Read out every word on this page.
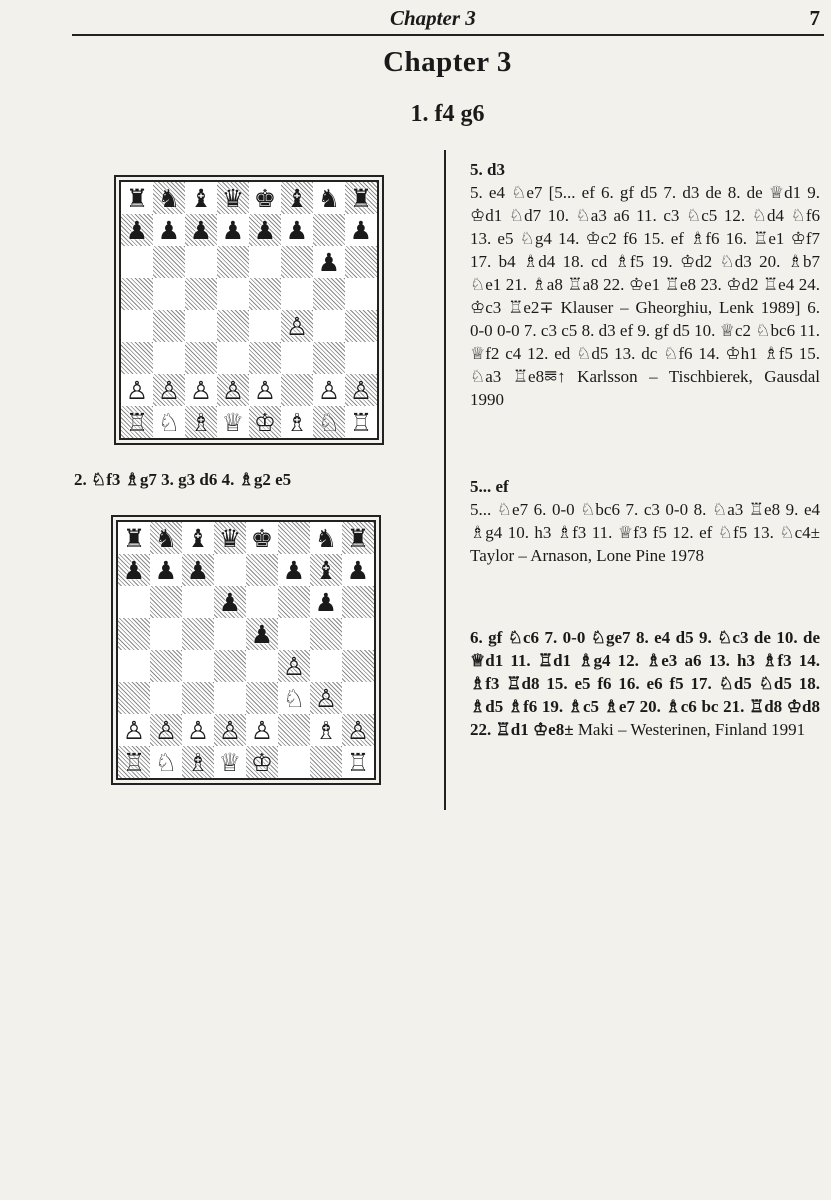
Chapter 3	7
Chapter 3
1. f4 g6
♜ ♞ ♝ ♛ ♚ ♝ ♞ ♜
♟ ♟ ♟ ♟ ♟ ♟ ♟
♟
♙
♙ ♙ ♙ ♙ ♙ ♙ ♙
♖ ♘ ♗ ♕ ♔ ♗ ♘ ♖
2. ♘f3 ♗g7 3. g3 d6 4. ♗g2 e5
♜ ♞ ♝ ♛ ♚ ♞ ♜
♟ ♟ ♟	♟ ♝ ♟
♟	♟
♟
♙
♘ ♙
♙ ♙ ♙ ♙ ♙ ♗ ♙
♖ ♘ ♗ ♕ ♔	♖

5. d3

5. e4 ♘e7 [5... ef 6. gf d5 7. d3 de 8. de ♕d1 9. ♔d1 ♘d7 10. ♘a3 a6 11. c3 ♘c5 12. ♘d4 ♘f6 13. e5 ♘g4 14. ♔c2 f6 15. ef ♗f6 16. ♖e1 ♔f7 17. b4 ♗d4 18. cd ♗f5 19. ♔d2 ♘d3 20. ♗b7 ♘e1 21. ♗a8 ♖a8 22. ♔e1 ♖e8 23. ♔d2 ♖e4 24. ♔c3 ♖e2∓ Klauser – Gheorghiu, Lenk 1989] 6. 0-0 0-0 7. c3 c5 8. d3 ef 9. gf d5 10. ♕c2 ♘bc6 11. ♕f2 c4 12. ed ♘d5 13. dc ♘f6 14. ♔h1 ♗f5 15. ♘a3 ♖e8⯹↑ Karlsson – Tischbierek, Gausdal 1990

5... ef

5... ♘e7 6. 0-0 ♘bc6 7. c3 0-0 8. ♘a3 ♖e8 9. e4 ♗g4 10. h3 ♗f3 11. ♕f3 f5 12. ef ♘f5 13. ♘c4± Taylor – Arnason, Lone Pine 1978

6. gf ♘c6 7. 0-0 ♘ge7 8. e4 d5 9. ♘c3 de 10. de ♕d1 11. ♖d1 ♗g4 12. ♗e3 a6 13. h3 ♗f3 14. ♗f3 ♖d8 15. e5 f6 16. e6 f5 17. ♘d5 ♘d5 18. ♗d5 ♗f6 19. ♗c5 ♗e7 20. ♗c6 bc 21. ♖d8 ♔d8 22. ♖d1 ♔e8± Maki – Westerinen, Finland 1991
